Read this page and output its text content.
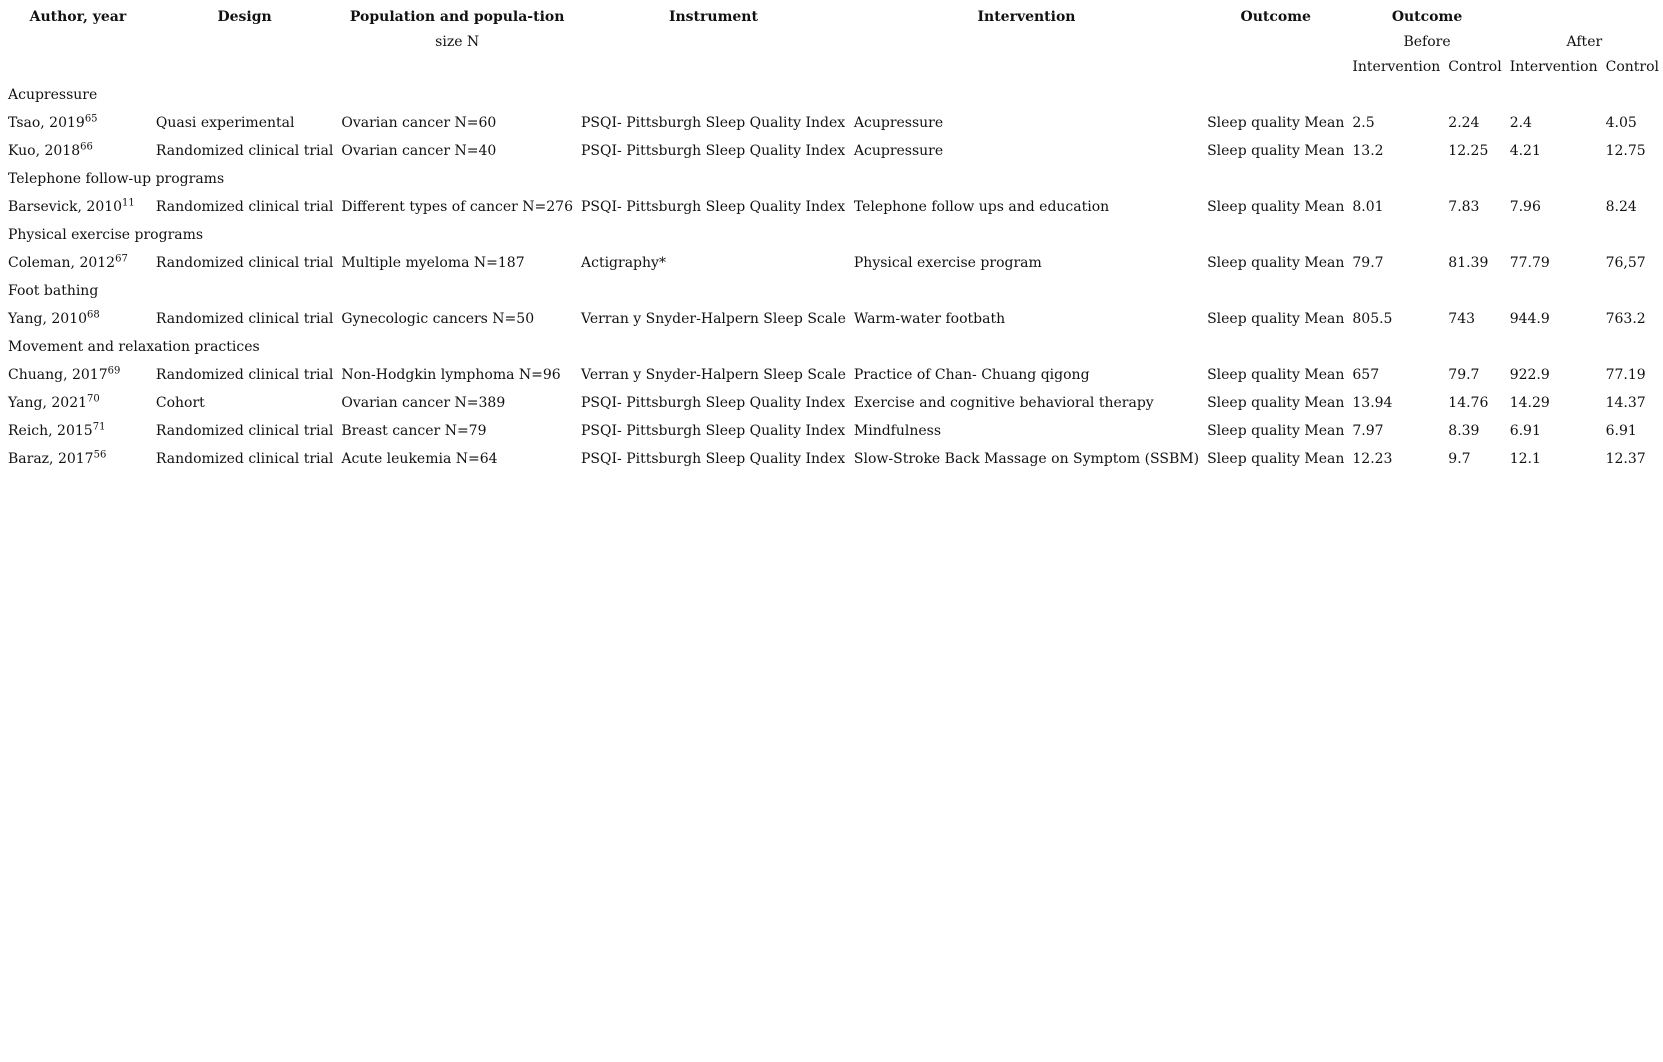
Author, year	Design	Population and popula-tion	Instrument	Intervention	Outcome	Outcome			
		size N				Before		After	
						Intervention	Control	Intervention	Control
Acupressure									
Tsao, 2019$^{65}$	Quasi experimental	Ovarian cancer N=60	PSQI- Pittsburgh Sleep Quality Index	Acupressure	Sleep quality Mean	2.5	2.24	2.4	4.05
Kuo, 2018$^{66}$	Randomized clinical trial	Ovarian cancer N=40	PSQI- Pittsburgh Sleep Quality Index	Acupressure	Sleep quality Mean	13.2	12.25	4.21	12.75
Telephone follow-up programs									
Barsevick, 2010$^{11}$	Randomized clinical trial	Different types of cancer N=276	PSQI- Pittsburgh Sleep Quality Index	Telephone follow ups and education	Sleep quality Mean	8.01	7.83	7.96	8.24
Physical exercise programs									
Coleman, 2012$^{67}$	Randomized clinical trial	Multiple myeloma N=187	Actigraphy*	Physical exercise program	Sleep quality Mean	79.7	81.39	77.79	76,57
Foot bathing									
Yang, 2010$^{68}$	Randomized clinical trial	Gynecologic cancers N=50	Verran y Snyder-Halpern Sleep Scale	Warm-water footbath	Sleep quality Mean	805.5	743	944.9	763.2
Movement and relaxation practices									
Chuang, 2017$^{69}$	Randomized clinical trial	Non-Hodgkin lymphoma N=96	Verran y Snyder-Halpern Sleep Scale	Practice of Chan- Chuang qigong	Sleep quality Mean	657	79.7	922.9	77.19
Yang, 2021$^{70}$	Cohort	Ovarian cancer N=389	PSQI- Pittsburgh Sleep Quality Index	Exercise and cognitive behavioral therapy	Sleep quality Mean	13.94	14.76	14.29	14.37
Reich, 2015$^{71}$	Randomized clinical trial	Breast cancer N=79	PSQI- Pittsburgh Sleep Quality Index	Mindfulness	Sleep quality Mean	7.97	8.39	6.91	6.91
Baraz, 2017$^{56}$	Randomized clinical trial	Acute leukemia N=64	PSQI- Pittsburgh Sleep Quality Index	Slow-Stroke Back Massage on Symptom (SSBM)	Sleep quality Mean	12.23	9.7	12.1	12.37
